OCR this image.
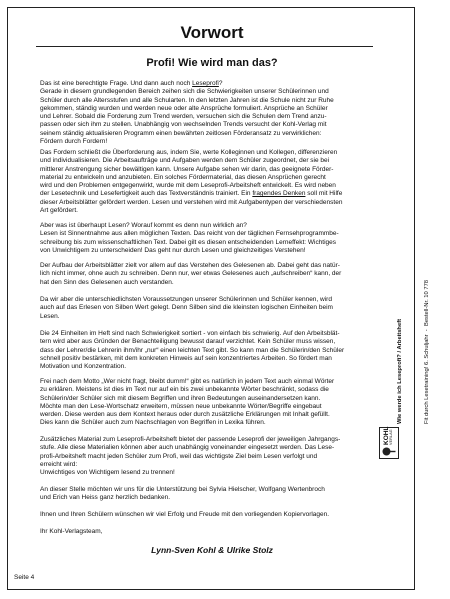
Vorwort
Profi! Wie wird man das?
Das ist eine berechtigte Frage. Und dann auch noch Leseprofi?
Gerade in diesem grundlegenden Bereich zeihen sich die Schwierigkeiten unserer Schülerinnen und
Schüler durch alle Altersstufen und alle Schularten. In den letzten Jahren ist die Schule nicht zur Ruhe
gekommen, ständig wurden und werden neue oder alte Ansprüche formuliert. Ansprüche an Schüler
und Lehrer. Sobald die Forderung zum Trend werden, versuchen sich die Schulen dem Trend anzu-
passen oder sich ihm zu stellen. Unabhängig von wechselnden Trends versucht der Kohl-Verlag mit
seinem ständig aktualisieren Programm einen bewährten zeitlosen Förderansatz zu verwirklichen:
Fördern durch Fordern!
Das Fordern schließt die Überforderung aus, indem Sie, werte Kolleginnen und Kollegen, differenzieren
und individualisieren. Die Arbeitsaufträge und Aufgaben werden dem Schüler zugeordnet, der sie bei
mittlerer Anstrengung sicher bewältigen kann. Unsere Aufgabe sehen wir darin, das geeignete Förder-
material zu entwickeln und anzubieten. Ein solches Fördermaterial, das diesen Ansprüchen gerecht
wird und den Problemen entgegenwirkt, wurde mit dem Leseprofi-Arbeitsheft entwickelt. Es wird neben
der Lesetechnik und Lesefertigkeit auch das Textverständnis trainiert. Ein fragendes Denken soll mit Hilfe
dieser Arbeitsblätter gefördert werden. Lesen und verstehen wird mit Aufgabentypen der verschiedensten
Art gefördert.
Aber was ist überhaupt Lesen? Worauf kommt es denn nun wirklich an?
Lesen ist Sinnentnahme aus allen möglichen Texten. Das reicht von der täglichen Fernsehprogrammbe-
schreibung bis zum wissenschaftlichen Text. Dabei gilt es diesen entscheidenden Lerneffekt: Wichtiges
von Unwichtigem zu unterscheiden! Das geht nur durch Lesen und gleichzeitiges Verstehen!
Der Aufbau der Arbeitsblätter zielt vor allem auf das Verstehen des Gelesenen ab. Dabei geht das natür-
lich nicht immer, ohne auch zu schreiben. Denn nur, wer etwas Gelesenes auch „aufschreiben“ kann, der
hat den Sinn des Gelesenen auch verstanden.
Da wir aber die unterschiedlichsten Voraussetzungen unserer Schülerinnen und Schüler kennen, wird
auch auf das Erlesen von Silben Wert gelegt. Denn Silben sind die kleinsten logischen Einheiten beim
Lesen.
Die 24 Einheiten im Heft sind nach Schwierigkeit sortiert - von einfach bis schwierig. Auf den Arbeitsblät-
tern wird aber aus Gründen der Benachteiligung bewusst darauf verzichtet. Kein Schüler muss wissen,
dass der Lehrer/die Lehrerin ihm/ihr „nur“ einen leichten Text gibt. So kann man die Schülerin/den Schüler
schnell positiv bestärken, mit dem konkreten Hinweis auf sein konzentriertes Arbeiten. So fördert man
Motivation und Konzentration.
Frei nach dem Motto „Wer nicht fragt, bleibt dumm!“ gibt es natürlich in jedem Text auch einmal Wörter
zu erklären. Meistens ist dies im Text nur auf ein bis zwei unbekannte Wörter beschränkt, sodass die
Schülerin/der Schüler sich mit diesem Begriffen und ihren Bedeutungen auseinandersetzen kann.
Möchte man den Lese-Wortschatz erweitern, müssen neue unbekannte Wörter/Begriffe eingebaut
werden. Diese werden aus dem Kontext heraus oder durch zusätzliche Erklärungen mit Inhalt gefüllt.
Dies kann die Schüler auch zum Nachschlagen von Begriffen in Lexika führen.
Zusätzliches Material zum Leseprofi-Arbeitsheft bietet der passende Leseprofi der jeweiligen Jahrgangs-
stufe. Alle diese Materialien können aber auch unabhängig voneinander eingesetzt werden. Das Lese-
profi-Arbeitsheft macht jeden Schüler zum Profi, weil das wichtigste Ziel beim Lesen verfolgt und
erreicht wird:
Unwichtiges von Wichtigem lesend zu trennen!
An dieser Stelle möchten wir uns für die Unterstützung bei Sylvia Hielscher, Wolfgang Wertenbroch
und Erich van Heiss ganz herzlich bedanken.
Ihnen und Ihren Schülern wünschen wir viel Erfolg und Freude mit den vorliegenden Kopiervorlagen.
Ihr Kohl-Verlagsteam,
Lynn-Sven Kohl & Ulrike Stolz
Seite 4

Wie werde ich Leseprofi? / Arbeitsheft

	Fit durch Lesetraining! 6. Schuljahr  -  Bestell-Nr. 10 778

KOHL VERLAG
